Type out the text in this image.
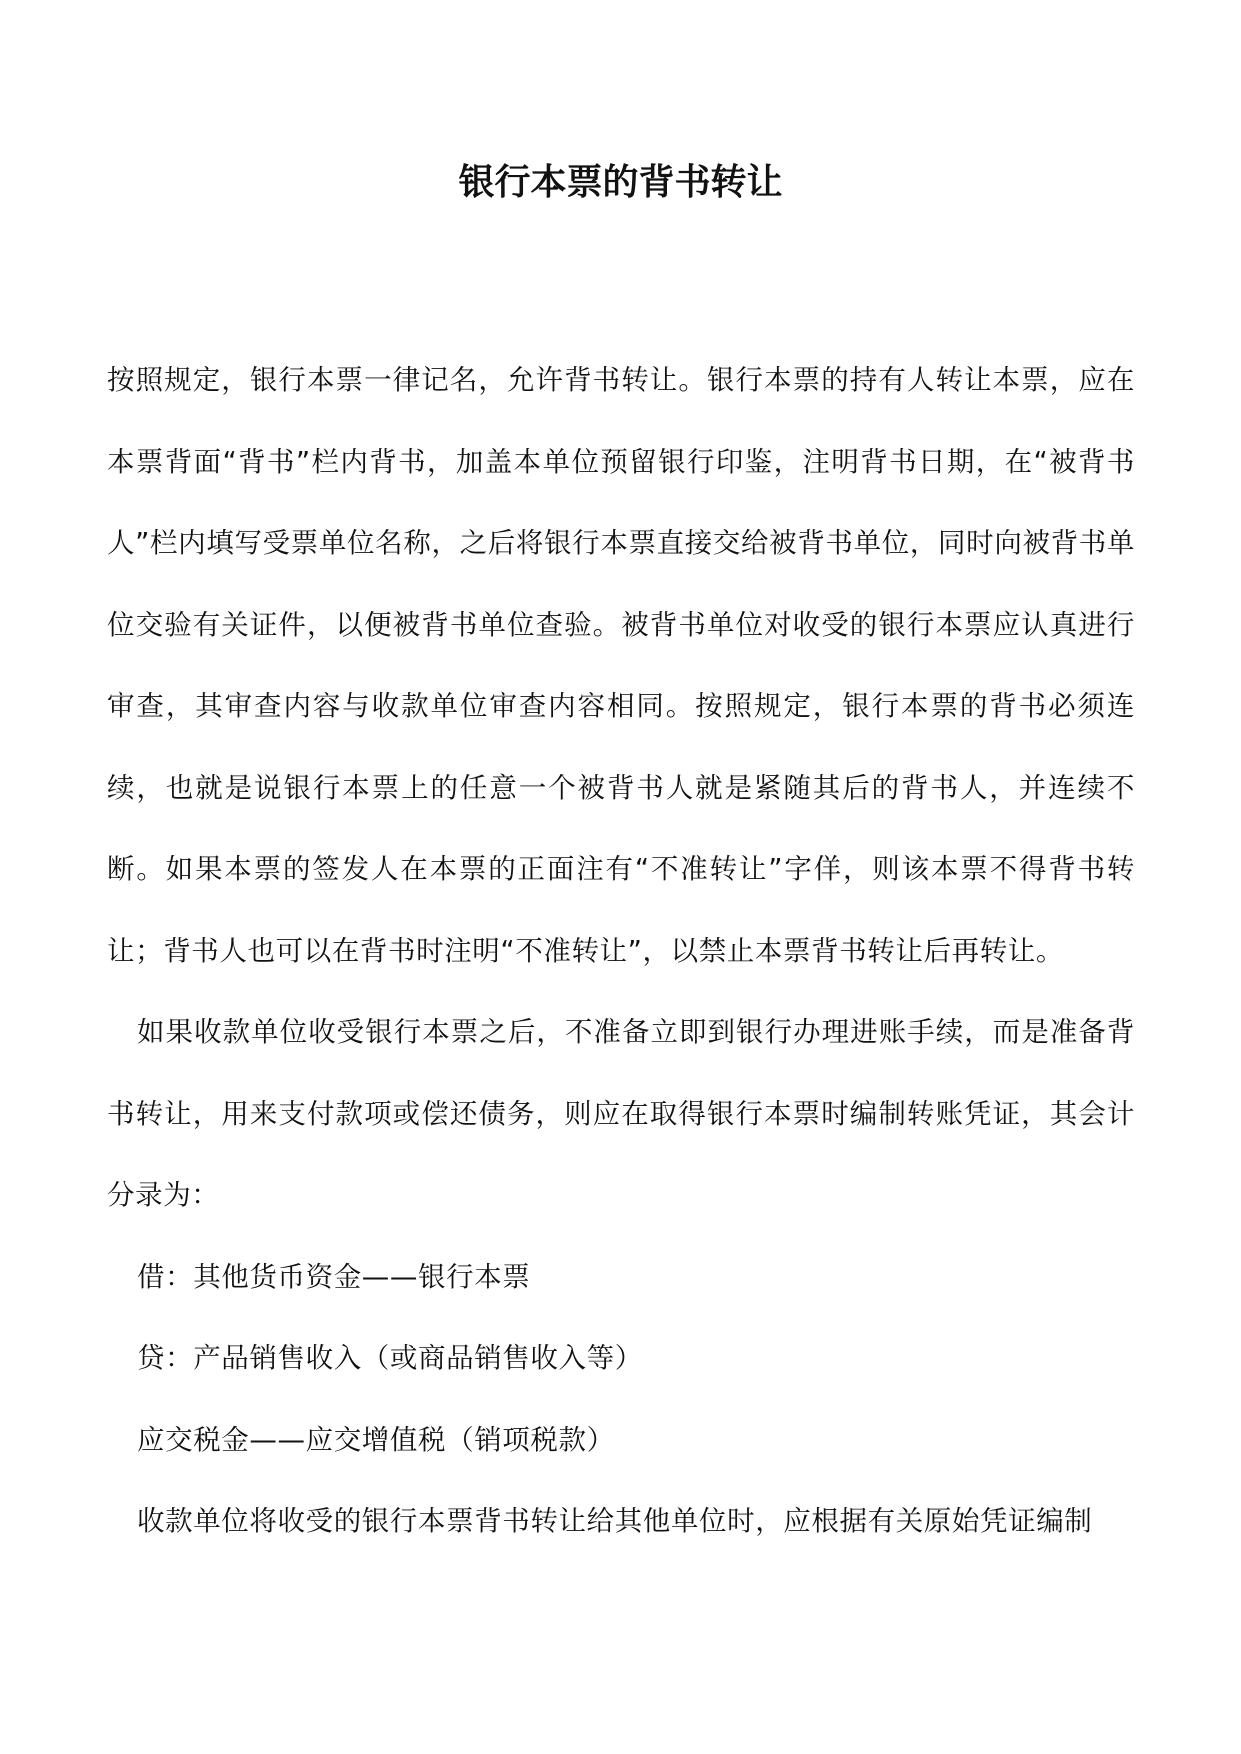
银行本票的背书转让

按照规定，银行本票一律记名，允许背书转让。银行本票的持有人转让本票，应在本票背面“背书”栏内背书，加盖本单位预留银行印鉴，注明背书日期，在“被背书人”栏内填写受票单位名称，之后将银行本票直接交给被背书单位，同时向被背书单位交验有关证件，以便被背书单位查验。被背书单位对收受的银行本票应认真进行审查，其审查内容与收款单位审查内容相同。按照规定，银行本票的背书必须连续，也就是说银行本票上的任意一个被背书人就是紧随其后的背书人，并连续不断。如果本票的签发人在本票的正面注有“不准转让”字佯，则该本票不得背书转让；背书人也可以在背书时注明“不准转让”，以禁止本票背书转让后再转让。

如果收款单位收受银行本票之后，不准备立即到银行办理进账手续，而是准备背书转让，用来支付款项或偿还债务，则应在取得银行本票时编制转账凭证，其会计分录为：

借：其他货币资金——银行本票

贷：产品销售收入（或商品销售收入等）

应交税金——应交增值税（销项税款）

收款单位将收受的银行本票背书转让给其他单位时，应根据有关原始凭证编制
